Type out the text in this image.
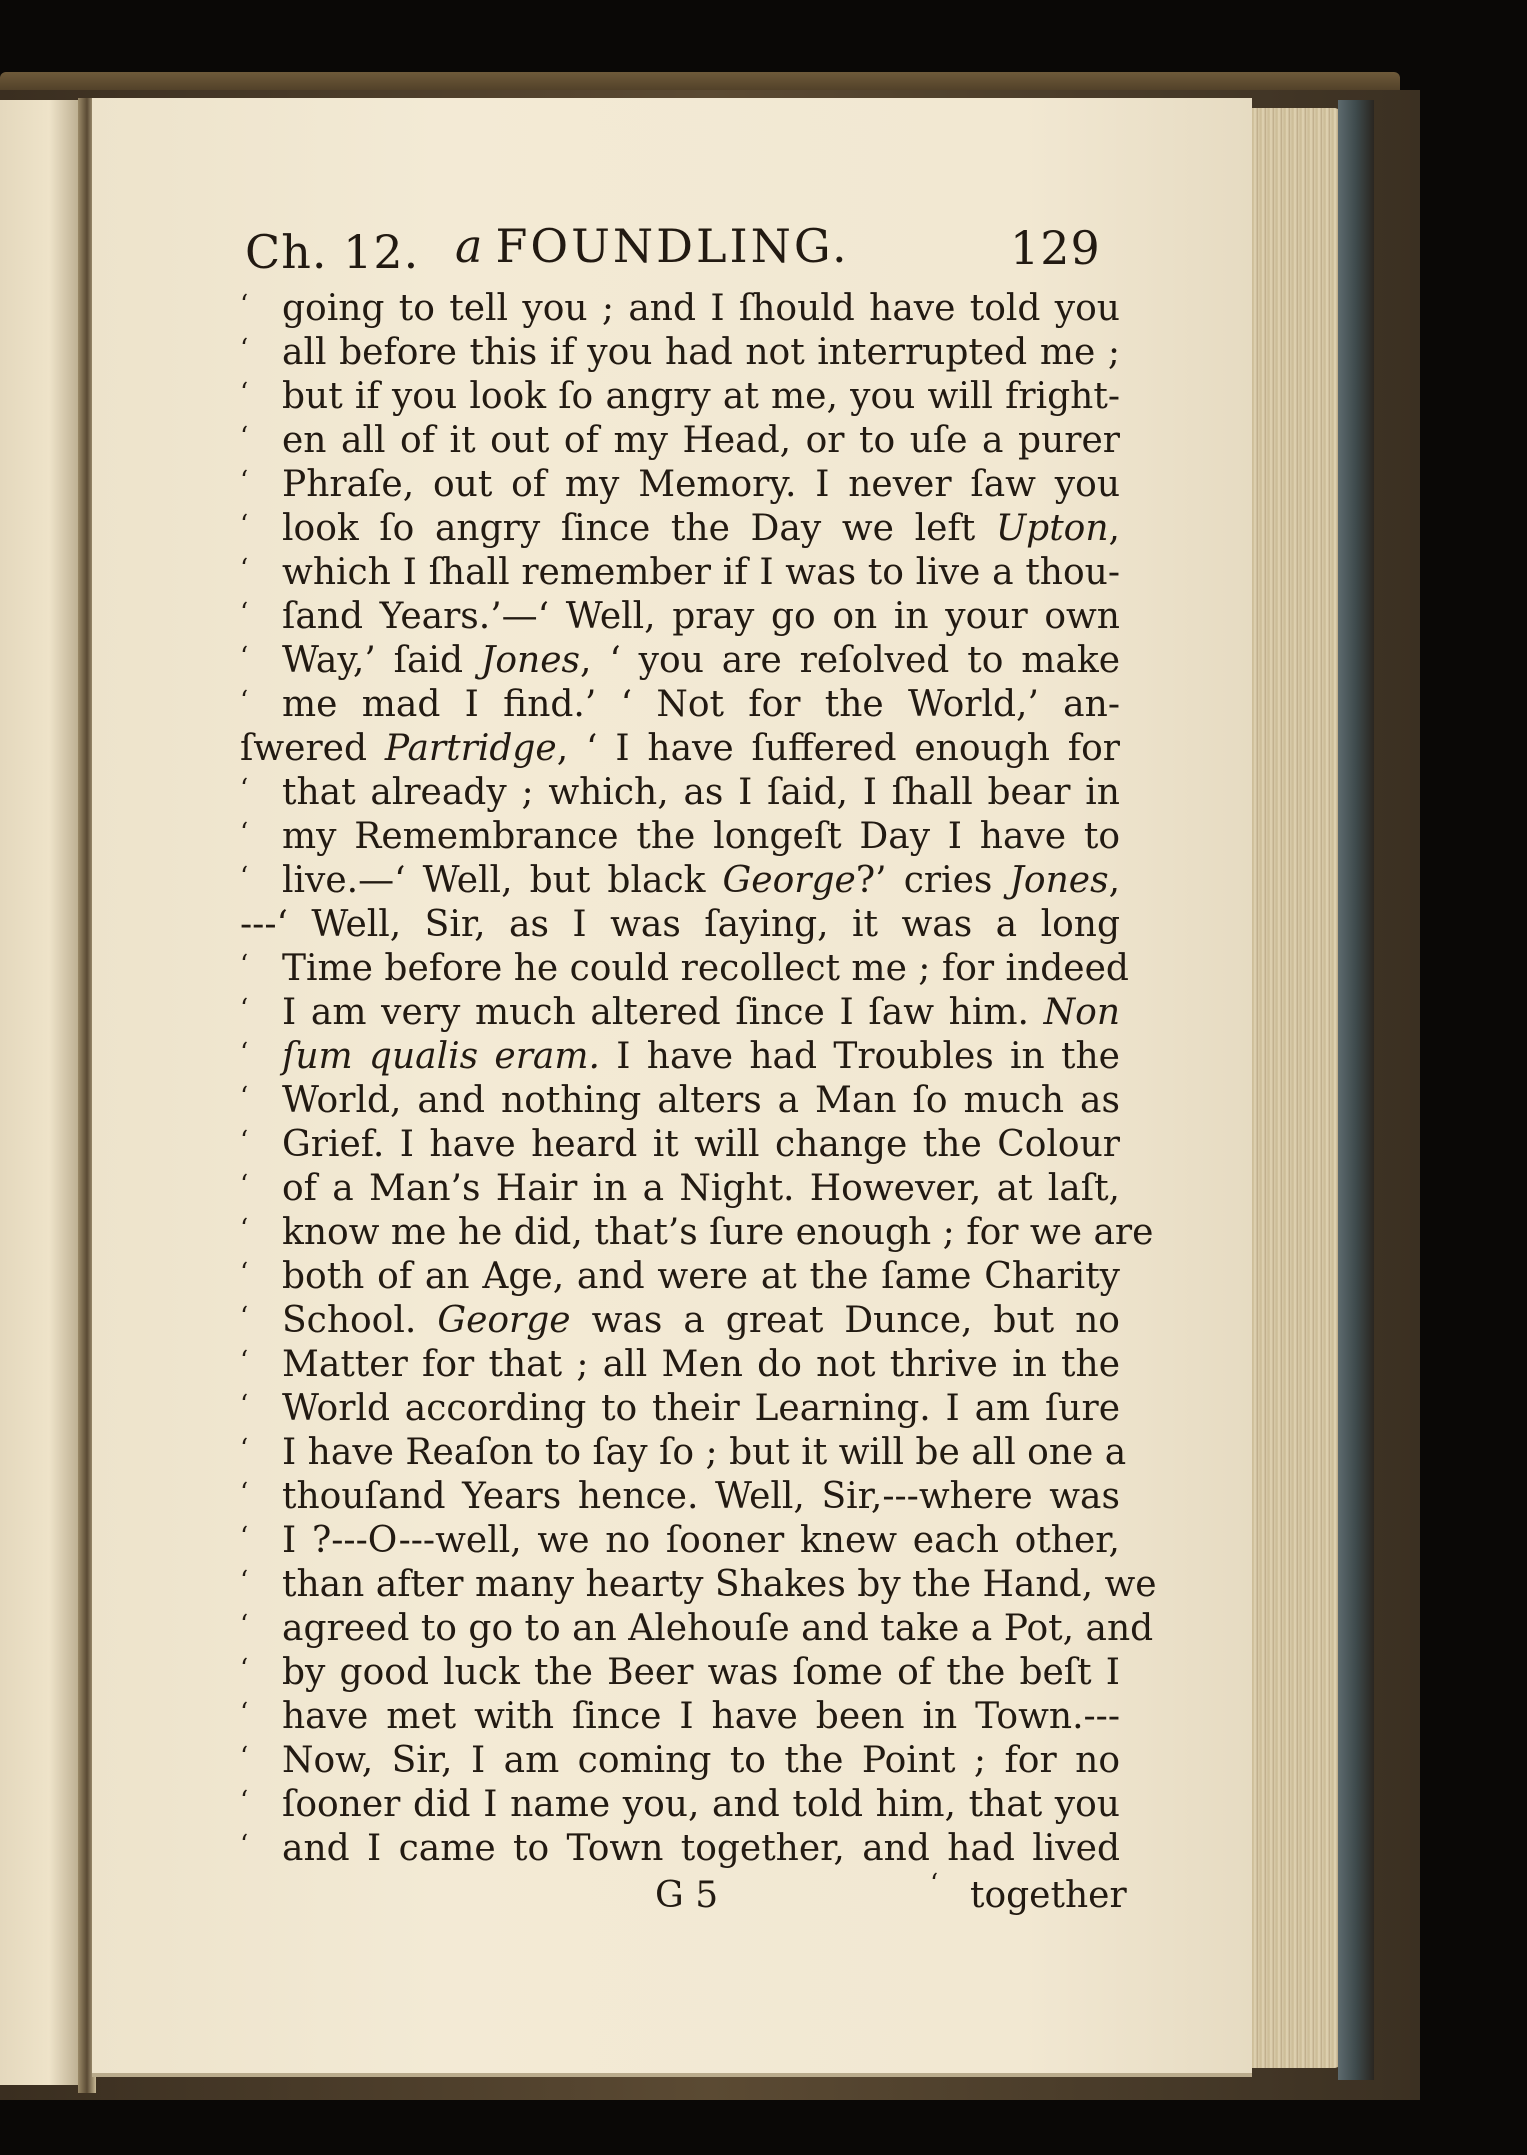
Ch. 12. a FOUNDLING.	129
‘ going to tell you ; and I ſhould have told you
‘ all before this if you had not interrupted me ;
‘ but if you look ſo angry at me, you will fright-
‘ en all of it out of my Head, or to uſe a purer
‘ Phraſe, out of my Memory. I never ſaw you
‘ look ſo angry ſince the Day we left Upton,
‘ which I ſhall remember if I was to live a thou-
‘ ſand Years.’—‘ Well, pray go on in your own
‘ Way,’ ſaid Jones, ‘ you are reſolved to make
‘ me mad I find.’ ‘ Not for the World,’ an-
ſwered Partridge, ‘ I have ſuffered enough for
‘ that already ; which, as I ſaid, I ſhall bear in
‘ my Remembrance the longeſt Day I have to
‘ live.—‘ Well, but black George?’ cries Jones,
---‘ Well, Sir, as I was ſaying, it was a long
‘ Time before he could recollect me ; for indeed
‘ I am very much altered ſince I ſaw him. Non
‘ ſum qualis eram. I have had Troubles in the
‘ World, and nothing alters a Man ſo much as
‘ Grief. I have heard it will change the Colour
‘ of a Man’s Hair in a Night. However, at laſt,
‘ know me he did, that’s ſure enough ; for we are
‘ both of an Age, and were at the ſame Charity
‘ School. George was a great Dunce, but no
‘ Matter for that ; all Men do not thrive in the
‘ World according to their Learning. I am ſure
‘ I have Reaſon to ſay ſo ; but it will be all one a
‘ thouſand Years hence. Well, Sir,---where was
‘ I ?---O---well, we no ſooner knew each other,
‘ than after many hearty Shakes by the Hand, we
‘ agreed to go to an Alehouſe and take a Pot, and
‘ by good luck the Beer was ſome of the beſt I
‘ have met with ſince I have been in Town.---
‘ Now, Sir, I am coming to the Point ; for no
‘ ſooner did I name you, and told him, that you
‘ and I came to Town together, and had lived
G 5	‘ together
